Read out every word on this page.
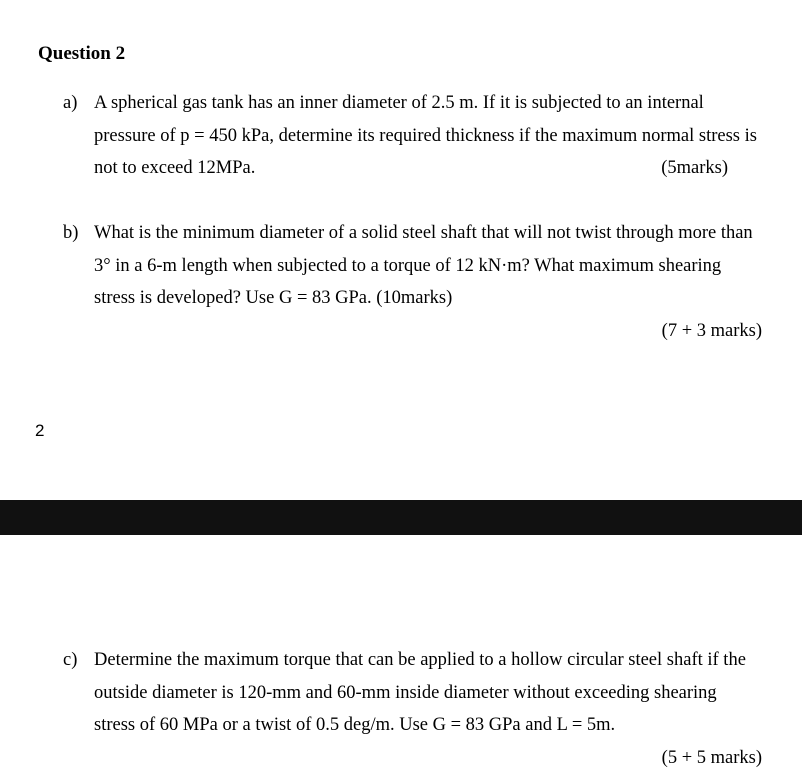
Question 2
a) A spherical gas tank has an inner diameter of 2.5 m. If it is subjected to an internal
pressure of p = 450 kPa, determine its required thickness if the maximum normal stress is
not to exceed 12MPa.	(5marks)
b) What is the minimum diameter of a solid steel shaft that will not twist through more than
3° in a 6-m length when subjected to a torque of 12 kN·m? What maximum shearing
stress is developed? Use G = 83 GPa. (10marks)
(7 + 3 marks)
2
c) Determine the maximum torque that can be applied to a hollow circular steel shaft if the
outside diameter is 120-mm and 60-mm inside diameter without exceeding shearing
stress of 60 MPa or a twist of 0.5 deg/m. Use G = 83 GPa and L = 5m.
(5 + 5 marks)
